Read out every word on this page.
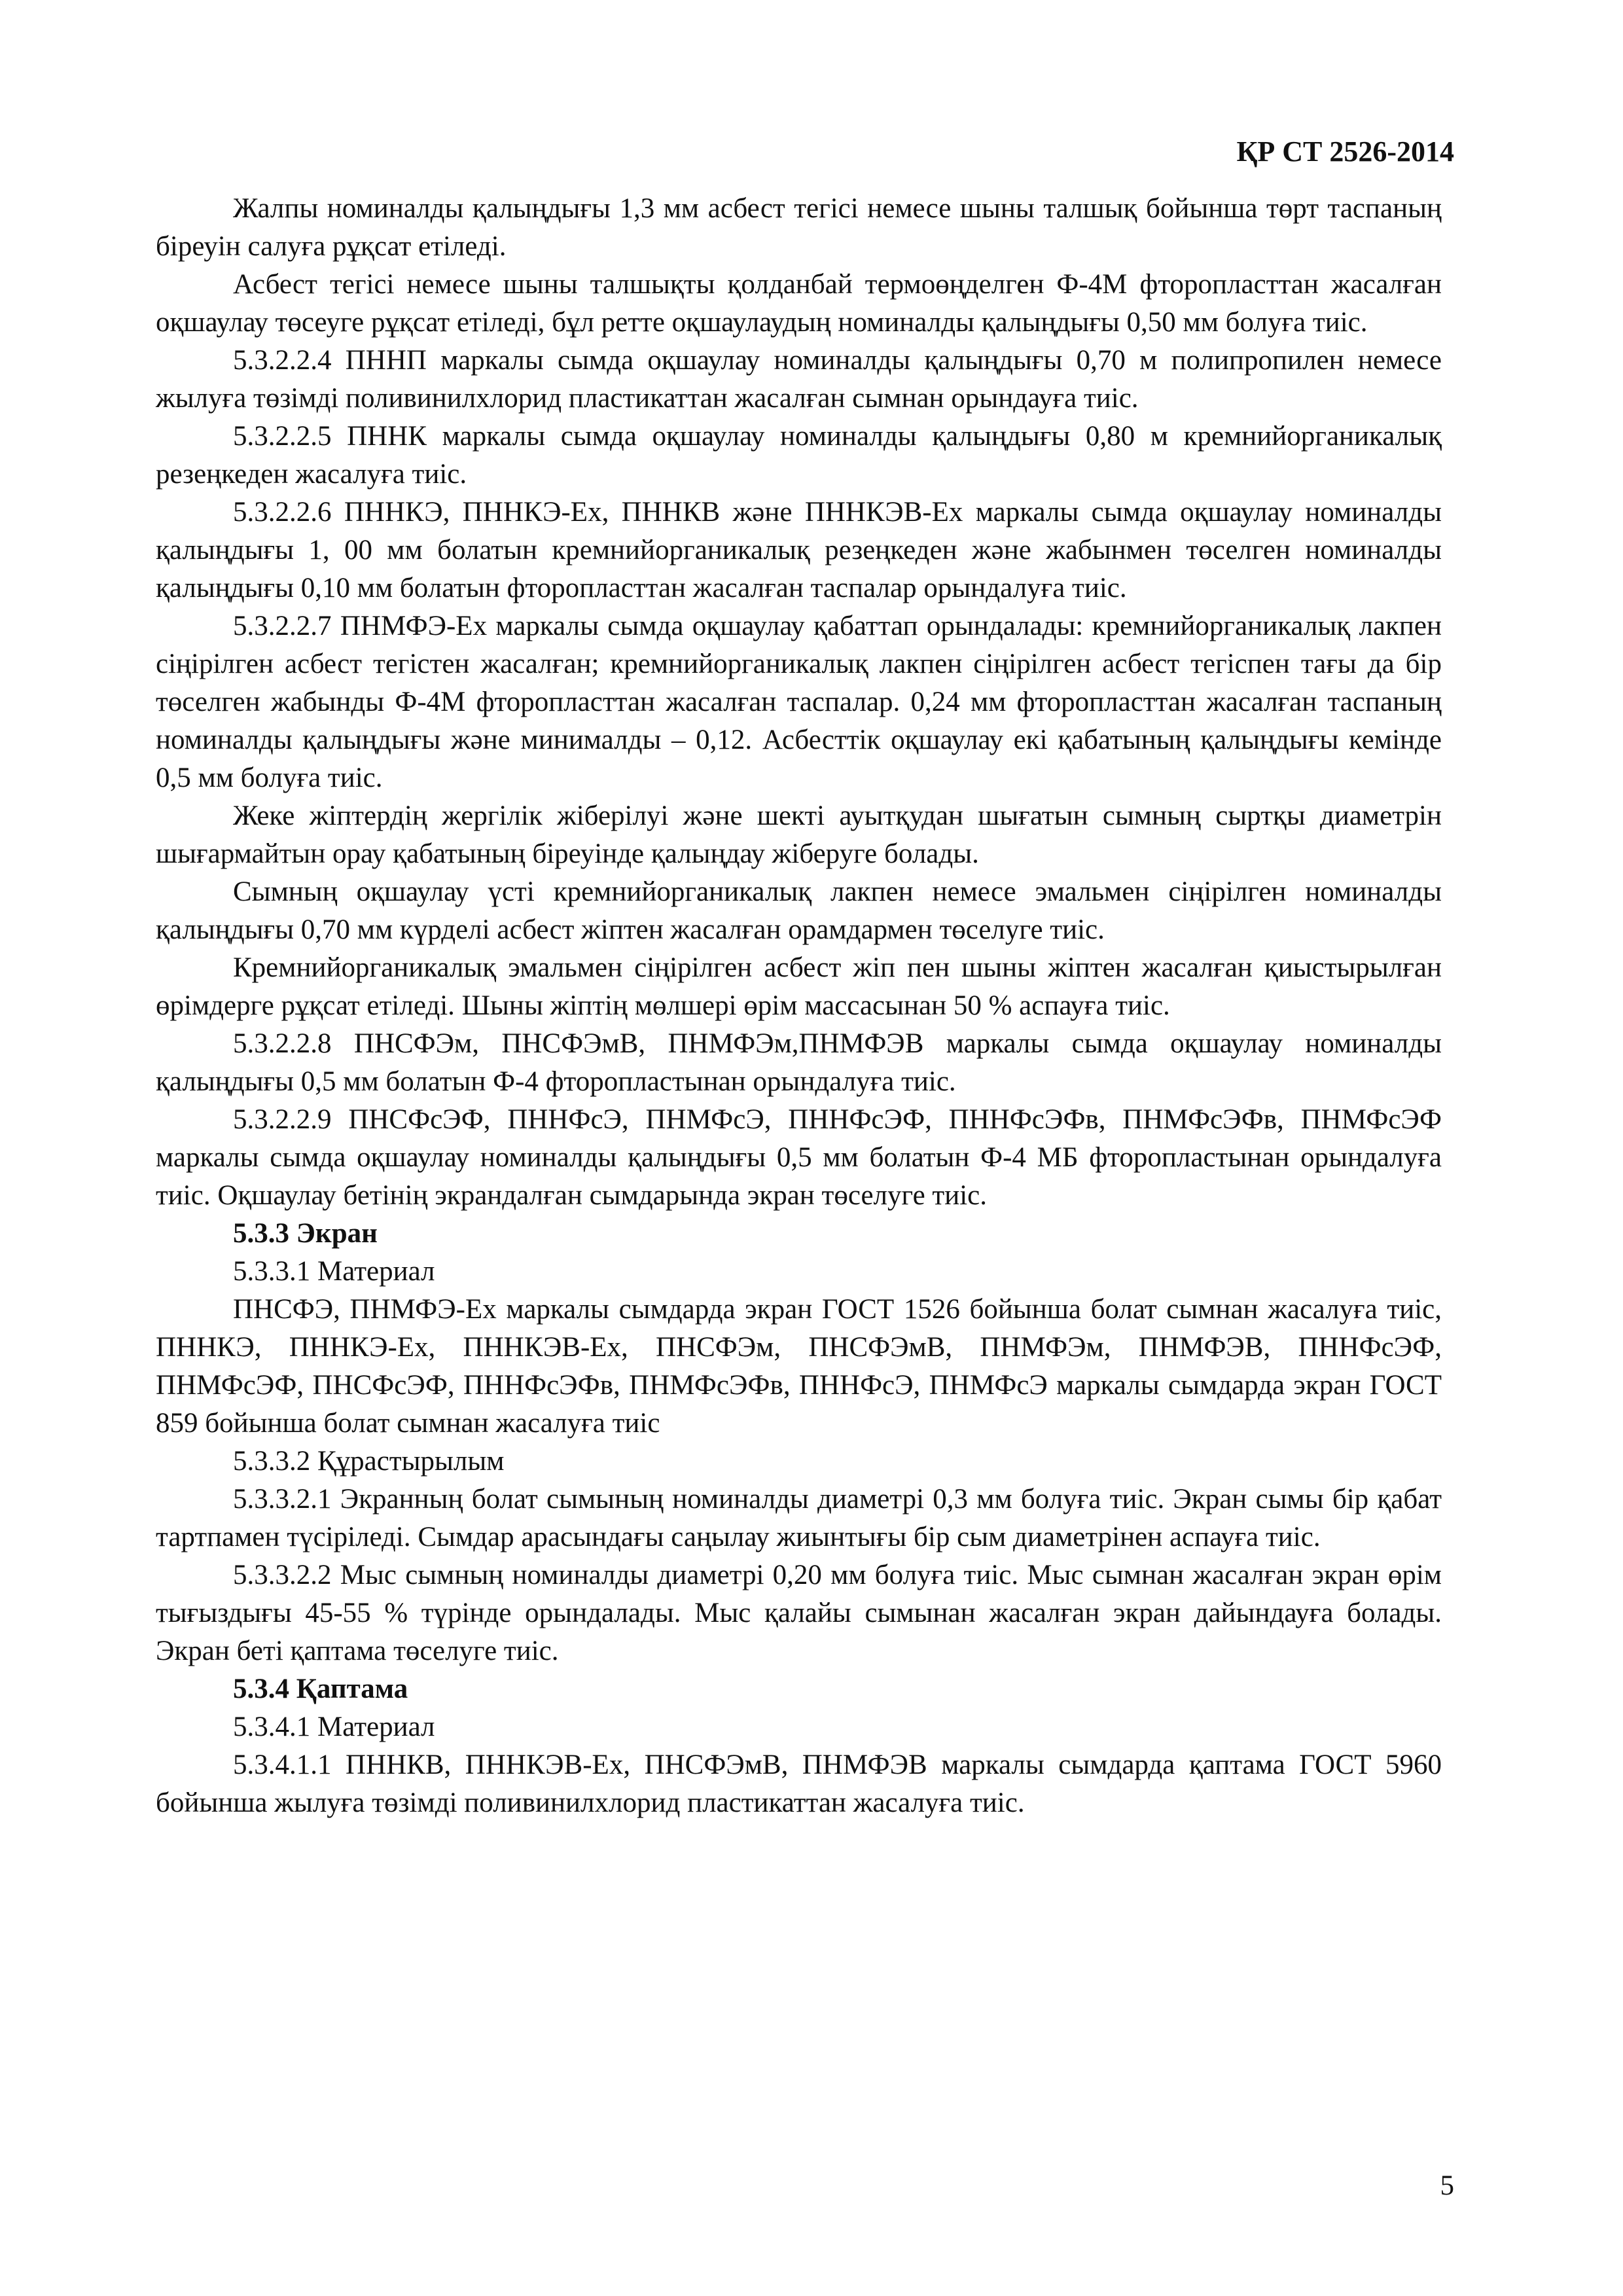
ҚР СТ 2526-2014

Жалпы номиналды қалыңдығы 1,3 мм асбест тегісі немесе шыны талшық бойынша төрт таспаның біреуін салуға рұқсат етіледі.

Асбест тегісі немесе шыны талшықты қолданбай термоөңделген Ф-4М фторопласттан жасалған оқшаулау төсеуге рұқсат етіледі, бұл ретте оқшаулаудың номиналды қалыңдығы 0,50 мм болуға тиіс.

5.3.2.2.4 ПННП маркалы сымда оқшаулау номиналды қалыңдығы 0,70 м полипропилен немесе жылуға төзімді поливинилхлорид пластикаттан жасалған сымнан орындауға тиіс.

5.3.2.2.5 ПННК маркалы сымда оқшаулау номиналды қалыңдығы 0,80 м кремнийорганикалық резеңкеден жасалуға тиіс.

5.3.2.2.6 ПННКЭ, ПННКЭ-Ех, ПННКВ және ПННКЭВ-Ех маркалы сымда оқшаулау номиналды қалыңдығы 1, 00 мм болатын кремнийорганикалық резеңкеден және жабынмен төселген номиналды қалыңдығы 0,10 мм болатын фторопласттан жасалған таспалар орындалуға тиіс.

5.3.2.2.7 ПНМФЭ-Ех маркалы сымда оқшаулау қабаттап орындалады: кремнийорганикалық лакпен сіңірілген асбест тегістен жасалған; кремнийорганикалық лакпен сіңірілген асбест тегіспен тағы да бір төселген жабынды Ф-4М фторопласттан жасалған таспалар. 0,24 мм фторопласттан жасалған таспаның номиналды қалыңдығы және минималды – 0,12. Асбесттік оқшаулау екі қабатының қалыңдығы кемінде 0,5 мм болуға тиіс.

Жеке жіптердің жергілік жіберілуі және шекті ауытқудан шығатын сымның сыртқы диаметрін шығармайтын орау қабатының біреуінде қалыңдау жіберуге болады.

Сымның оқшаулау үсті кремнийорганикалық лакпен немесе эмальмен сіңірілген номиналды қалыңдығы 0,70 мм күрделі асбест жіптен жасалған орамдармен төселуге тиіс.

Кремнийорганикалық эмальмен сіңірілген асбест жіп пен шыны жіптен жасалған қиыстырылған өрімдерге рұқсат етіледі. Шыны жіптің мөлшері өрім массасынан 50 % аспауға тиіс.

5.3.2.2.8 ПНСФЭм, ПНСФЭмВ, ПНМФЭм,ПНМФЭВ маркалы сымда оқшаулау номиналды қалыңдығы 0,5 мм болатын Ф-4 фторопластынан орындалуға тиіс.

5.3.2.2.9 ПНСФсЭФ, ПННФсЭ, ПНМФсЭ, ПННФсЭФ, ПННФсЭФв, ПНМФсЭФв, ПНМФсЭФ маркалы сымда оқшаулау номиналды қалыңдығы 0,5 мм болатын Ф-4 МБ фторопластынан орындалуға тиіс. Оқшаулау бетінің экрандалған сымдарында экран төселуге тиіс.

5.3.3 Экран

5.3.3.1 Материал

ПНСФЭ, ПНМФЭ-Ех маркалы сымдарда экран ГОСТ 1526 бойынша болат сымнан жасалуға тиіс, ПННКЭ, ПННКЭ-Ех, ПННКЭВ-Ех, ПНСФЭм, ПНСФЭмВ, ПНМФЭм, ПНМФЭВ, ПННФсЭФ, ПНМФсЭФ, ПНСФсЭФ, ПННФсЭФв, ПНМФсЭФв, ПННФсЭ, ПНМФсЭ маркалы сымдарда экран ГОСТ 859 бойынша болат сымнан жасалуға тиіс

5.3.3.2 Құрастырылым

5.3.3.2.1 Экранның болат сымының номиналды диаметрі 0,3 мм болуға тиіс. Экран сымы бір қабат тартпамен түсіріледі. Сымдар арасындағы саңылау жиынтығы бір сым диаметрінен аспауға тиіс.

5.3.3.2.2 Мыс сымның номиналды диаметрі 0,20 мм болуға тиіс. Мыс сымнан жасалған экран өрім тығыздығы 45-55 % түрінде орындалады. Мыс қалайы сымынан жасалған экран дайындауға болады. Экран беті қаптама төселуге тиіс.

5.3.4 Қаптама

5.3.4.1 Материал

5.3.4.1.1 ПННКВ, ПННКЭВ-Ех, ПНСФЭмВ, ПНМФЭВ маркалы сымдарда қаптама ГОСТ 5960 бойынша жылуға төзімді поливинилхлорид пластикаттан жасалуға тиіс.

5
